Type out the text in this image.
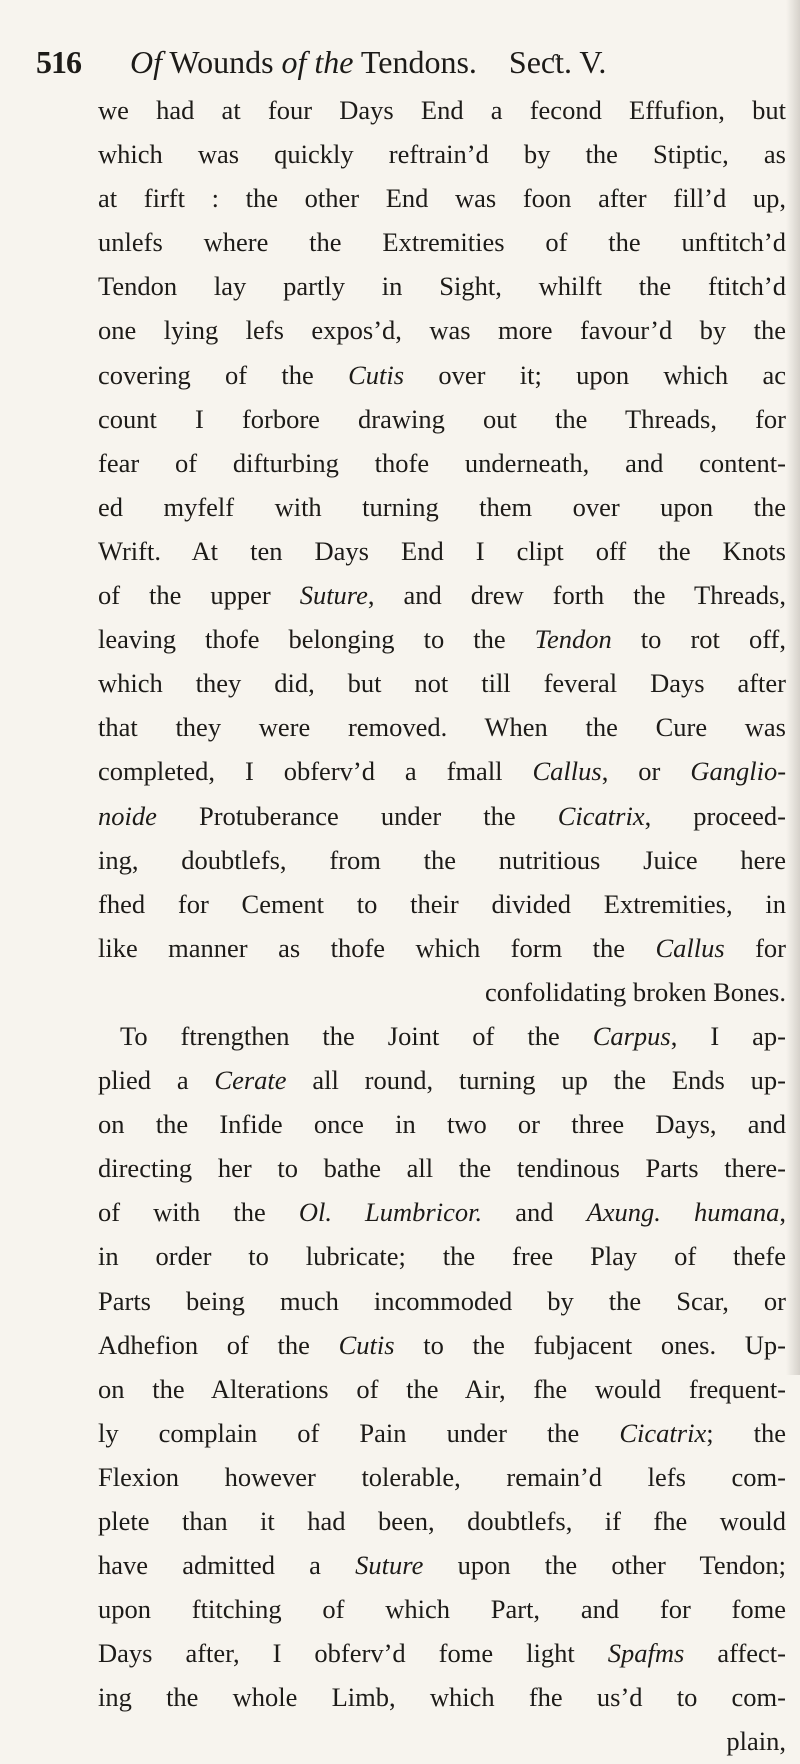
516 Of Wounds of the Tendons.  Seƈt. V.
we had at four Days End a fecond Effufion, but
which was quickly reftrain’d by the Stiptic, as
at firft : the other End was foon after fill’d up,
unlefs where the Extremities of the unftitch’d
Tendon lay partly in Sight, whilft the ftitch’d
one lying lefs expos’d, was more favour’d by the
covering of the Cutis over it; upon which ac
count I forbore drawing out the Threads, for
fear of difturbing thofe underneath, and content-
ed myfelf with turning them over upon the
Wrift. At ten Days End I clipt off the Knots
of the upper Suture, and drew forth the Threads,
leaving thofe belonging to the Tendon to rot off,
which they did, but not till feveral Days after
that they were removed. When the Cure was
completed, I obferv’d a fmall Callus, or Ganglio-
noide Protuberance under the Cicatrix, proceed-
ing, doubtlefs, from the nutritious Juice here
fhed for Cement to their divided Extremities, in
like manner as thofe which form the Callus for
confolidating broken Bones.
To ftrengthen the Joint of the Carpus, I ap-
plied a Cerate all round, turning up the Ends up-
on the Infide once in two or three Days, and
directing her to bathe all the tendinous Parts there-
of with the Ol. Lumbricor. and Axung. humana,
in order to lubricate; the free Play of thefe
Parts being much incommoded by the Scar, or
Adhefion of the Cutis to the fubjacent ones. Up-
on the Alterations of the Air, fhe would frequent-
ly complain of Pain under the Cicatrix; the
Flexion however tolerable, remain’d lefs com-
plete than it had been, doubtlefs, if fhe would
have admitted a Suture upon the other Tendon;
upon ftitching of which Part, and for fome
Days after, I obferv’d fome light Spafms affect-
ing the whole Limb, which fhe us’d to com-
plain,
